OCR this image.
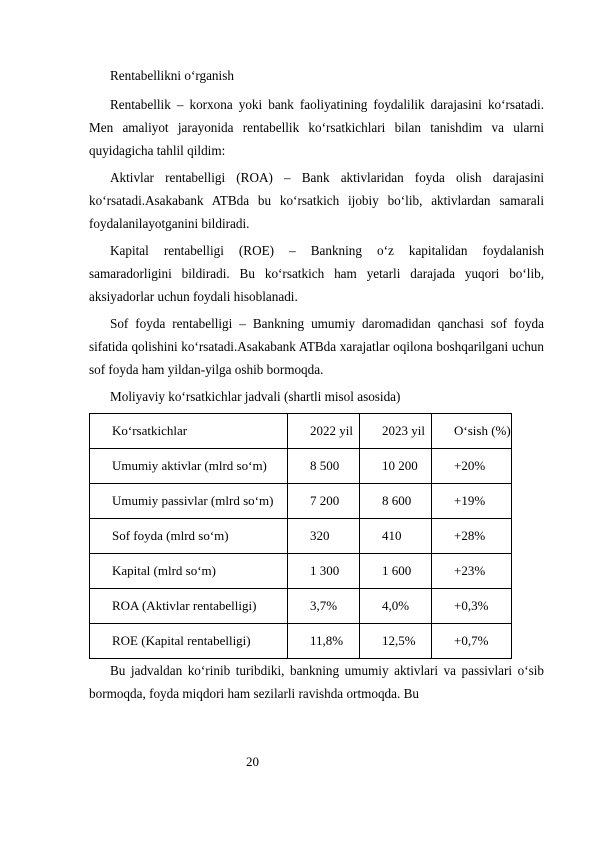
Rentabellikni o‘rganish

Rentabellik – korxona yoki bank faoliyatining foydalilik darajasini ko‘rsatadi. Men amaliyot jarayonida rentabellik ko‘rsatkichlari bilan tanishdim va ularni quyidagicha tahlil qildim:

Aktivlar rentabelligi (ROA) – Bank aktivlaridan foyda olish darajasini ko‘rsatadi.Asakabank ATBda bu ko‘rsatkich ijobiy bo‘lib, aktivlardan samarali foydalanilayotganini bildiradi.

Kapital rentabelligi (ROE) – Bankning o‘z kapitalidan foydalanish samaradorligini bildiradi. Bu ko‘rsatkich ham yetarli darajada yuqori bo‘lib, aksiyadorlar uchun foydali hisoblanadi.

Sof foyda rentabelligi – Bankning umumiy daromadidan qanchasi sof foyda sifatida qolishini ko‘rsatadi.Asakabank ATBda xarajatlar oqilona boshqarilgani uchun sof foyda ham yildan-yilga oshib bormoqda.

Moliyaviy ko‘rsatkichlar jadvali (shartli misol asosida)

Ko‘rsatkichlar	2022 yil	2023 yil	O‘sish (%)
Umumiy aktivlar (mlrd so‘m)	8 500	10 200	+20%
Umumiy passivlar (mlrd so‘m)	7 200	8 600	+19%
Sof foyda (mlrd so‘m)	320	410	+28%
Kapital (mlrd so‘m)	1 300	1 600	+23%
ROA (Aktivlar rentabelligi)	3,7%	4,0%	+0,3%
ROE (Kapital rentabelligi)	11,8%	12,5%	+0,7%

Bu jadvaldan ko‘rinib turibdiki, bankning umumiy aktivlari va passivlari o‘sib bormoqda, foyda miqdori ham sezilarli ravishda ortmoqda. Bu

20
